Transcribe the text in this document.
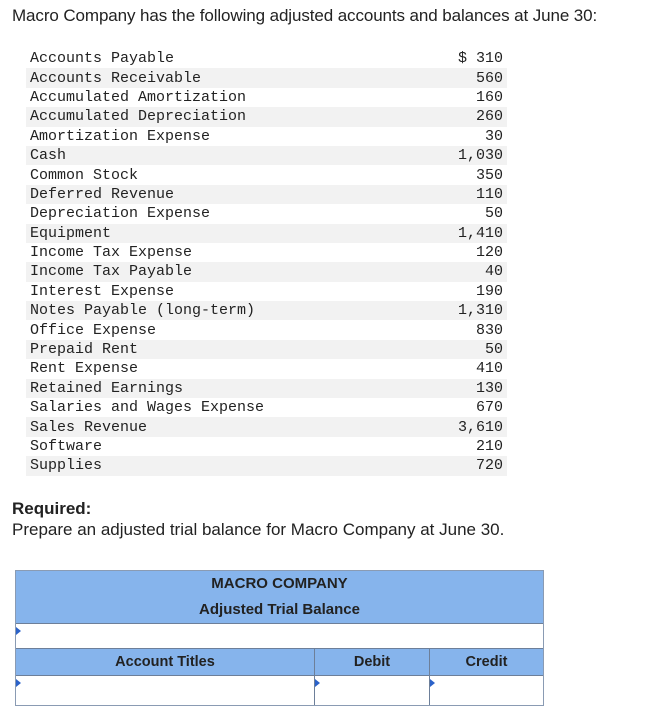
Macro Company has the following adjusted accounts and balances at June 30:
Accounts Payable	$ 310
Accounts Receivable	560
Accumulated Amortization	160
Accumulated Depreciation	260
Amortization Expense	30
Cash	1,030
Common Stock	350
Deferred Revenue	110
Depreciation Expense	50
Equipment	1,410
Income Tax Expense	120
Income Tax Payable	40
Interest Expense	190
Notes Payable (long-term)	1,310
Office Expense	830
Prepaid Rent	50
Rent Expense	410
Retained Earnings	130
Salaries and Wages Expense	670
Sales Revenue	3,610
Software	210
Supplies	720
Required:
Prepare an adjusted trial balance for Macro Company at June 30.
MACRO COMPANY
Adjusted Trial Balance
Account Titles	Debit	Credit
